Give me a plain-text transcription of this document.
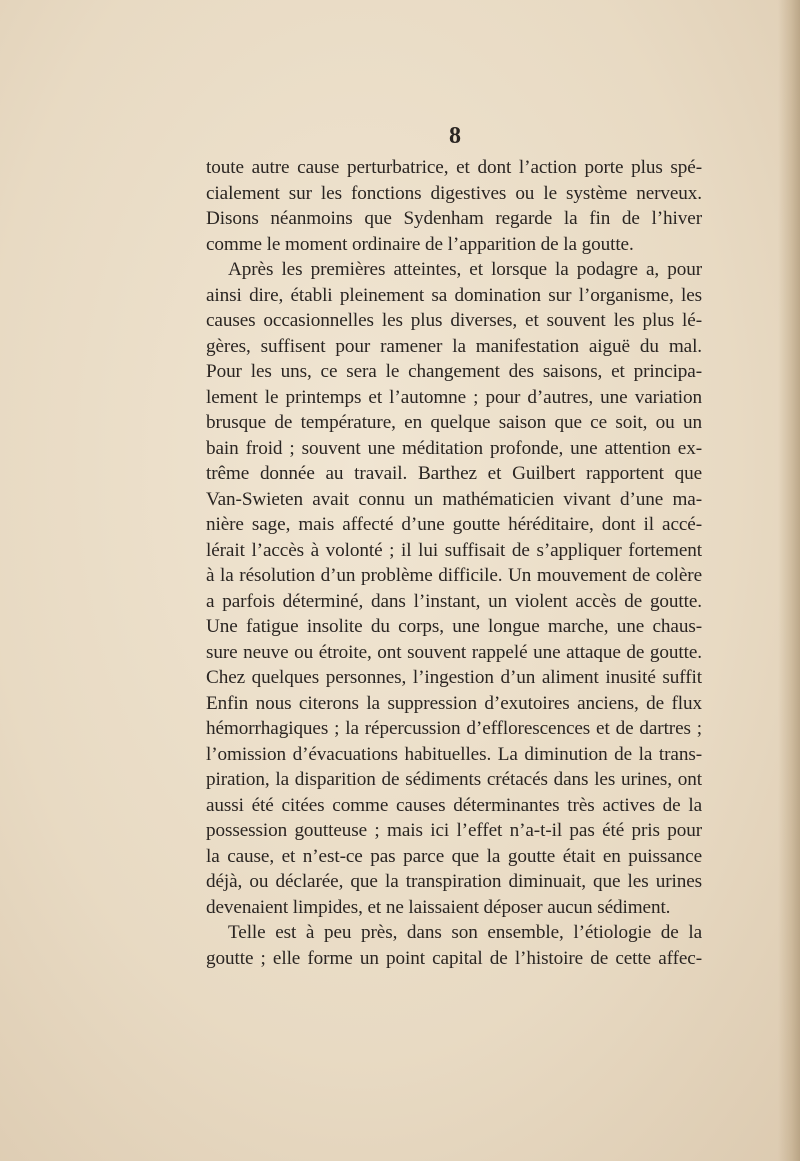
8
toute autre cause perturbatrice, et dont l’action porte plus spé-
cialement sur les fonctions digestives ou le système nerveux.
Disons néanmoins que Sydenham regarde la fin de l’hiver
comme le moment ordinaire de l’apparition de la goutte.
Après les premières atteintes, et lorsque la podagre a, pour
ainsi dire, établi pleinement sa domination sur l’organisme, les
causes occasionnelles les plus diverses, et souvent les plus lé-
gères, suffisent pour ramener la manifestation aiguë du mal.
Pour les uns, ce sera le changement des saisons, et principa-
lement le printemps et l’automne ; pour d’autres, une variation
brusque de température, en quelque saison que ce soit, ou un
bain froid ; souvent une méditation profonde, une attention ex-
trême donnée au travail. Barthez et Guilbert rapportent que
Van-Swieten avait connu un mathématicien vivant d’une ma-
nière sage, mais affecté d’une goutte héréditaire, dont il accé-
lérait l’accès à volonté ; il lui suffisait de s’appliquer fortement
à la résolution d’un problème difficile. Un mouvement de colère
a parfois déterminé, dans l’instant, un violent accès de goutte.
Une fatigue insolite du corps, une longue marche, une chaus-
sure neuve ou étroite, ont souvent rappelé une attaque de goutte.
Chez quelques personnes, l’ingestion d’un aliment inusité suffit
Enfin nous citerons la suppression d’exutoires anciens, de flux
hémorrhagiques ; la répercussion d’efflorescences et de dartres ;
l’omission d’évacuations habituelles. La diminution de la trans-
piration, la disparition de sédiments crétacés dans les urines, ont
aussi été citées comme causes déterminantes très actives de la
possession goutteuse ; mais ici l’effet n’a-t-il pas été pris pour
la cause, et n’est-ce pas parce que la goutte était en puissance
déjà, ou déclarée, que la transpiration diminuait, que les urines
devenaient limpides, et ne laissaient déposer aucun sédiment.
Telle est à peu près, dans son ensemble, l’étiologie de la
goutte ; elle forme un point capital de l’histoire de cette affec-
